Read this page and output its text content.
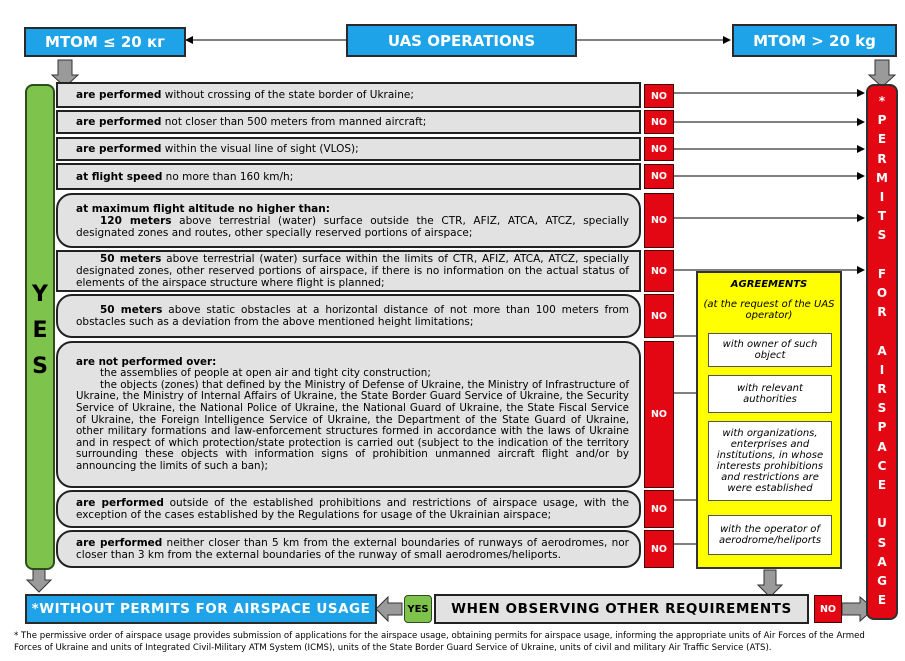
MTOM ≤ 20 кг	UAS OPERATIONS	MTOM > 20 kg
Y
E
S

are performed without crossing of the state border of Ukraine;

are performed not closer than 500 meters from manned aircraft;

are performed within the visual line of sight (VLOS);

at flight speed no more than 160 km/h;

at maximum flight altitude no higher than:

120 meters above terrestrial (water) surface outside the CTR, AFIZ, ATCA, ATCZ, specially designated zones and routes, other specially reserved portions of airspace;

50 meters above terrestrial (water) surface within the limits of CTR, AFIZ, ATCA, ATCZ, specially designated zones, other reserved portions of airspace, if there is no information on the actual status of elements of the airspace structure where flight is planned;

50 meters above static obstacles at a horizontal distance of not more than 100 meters from obstacles such as a deviation from the above mentioned height limitations;

are not performed over:

the assemblies of people at open air and tight city construction;

the objects (zones) that defined by the Ministry of Defense of Ukraine, the Ministry of Infrastructure of Ukraine, the Ministry of Internal Affairs of Ukraine, the State Border Guard Service of Ukraine, the Security Service of Ukraine, the National Police of Ukraine, the National Guard of Ukraine, the State Fiscal Service of Ukraine, the Foreign Intelligence Service of Ukraine, the Department of the State Guard of Ukraine, other military formations and law-enforcement structures formed in accordance with the laws of Ukraine and in respect of which protection/state protection is carried out (subject to the indication of the territory surrounding these objects with information signs of prohibition unmanned aircraft flight and/or by announcing the limits of such a ban);

are performed outside of the established prohibitions and restrictions of airspace usage, with the exception of the cases established by the Regulations for usage of the Ukrainian airspace;

are performed neither closer than 5 km from the external boundaries of runways of aerodromes, nor closer than 3 km from the external boundaries of the runway of small aerodromes/heliports.

NO
NO
NO
NO
NO
NO
NO
NO
NO
NO
AGREEMENTS
(at the request of the UAS operator)
with owner of such object
with relevant authorities
with organizations, enterprises and institutions, in whose interests prohibitions and restrictions are were established
with the operator of aerodrome/heliports
*
P
E
R
M
I
T
S
F
O
R
A
I
R
S
P
A
C
E
U
S
A
G
E
*WITHOUT PERMITS FOR AIRSPACE USAGE	YES WHEN OBSERVING OTHER REQUIREMENTS	NO
* The permissive order of airspace usage provides submission of applications for the airspace usage, obtaining permits for airspace usage, informing the appropriate units of Air Forces of the Armed Forces of Ukraine and units of Integrated Civil-Military ATM System (ICMS), units of the State Border Guard Service of Ukraine, units of civil and military Air Traffic Service (ATS).
